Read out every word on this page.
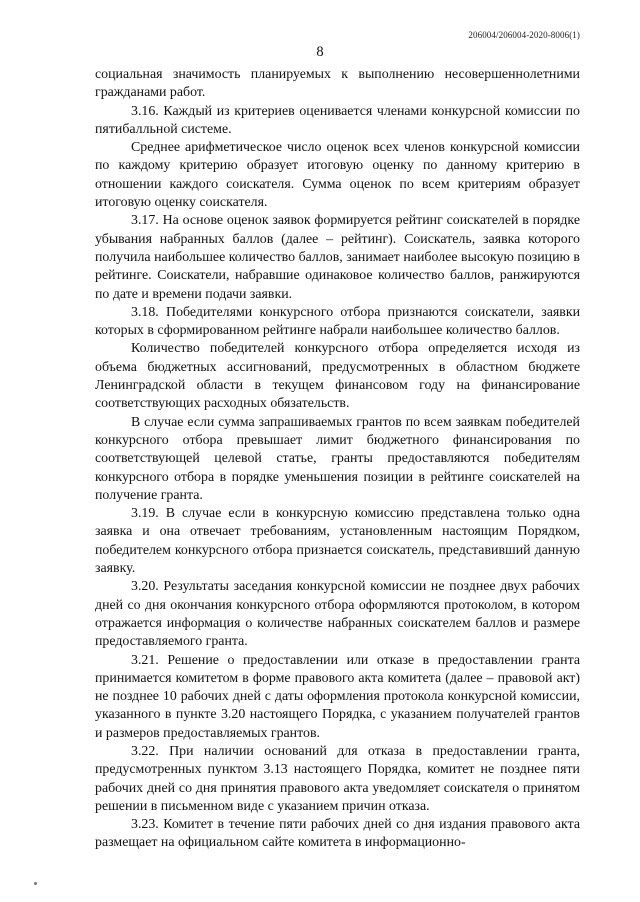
206004/206004-2020-8006(1)
8

социальная значимость планируемых к выполнению несовершеннолетними гражданами работ.

3.16. Каждый из критериев оценивается членами конкурсной комиссии по пятибалльной системе.

Среднее арифметическое число оценок всех членов конкурсной комиссии по каждому критерию образует итоговую оценку по данному критерию в отношении каждого соискателя. Сумма оценок по всем критериям образует итоговую оценку соискателя.

3.17. На основе оценок заявок формируется рейтинг соискателей в порядке убывания набранных баллов (далее – рейтинг). Соискатель, заявка которого получила наибольшее количество баллов, занимает наиболее высокую позицию в рейтинге. Соискатели, набравшие одинаковое количество баллов, ранжируются по дате и времени подачи заявки.

3.18. Победителями конкурсного отбора признаются соискатели, заявки которых в сформированном рейтинге набрали наибольшее количество баллов.

Количество победителей конкурсного отбора определяется исходя из объема бюджетных ассигнований, предусмотренных в областном бюджете Ленинградской области в текущем финансовом году на финансирование соответствующих расходных обязательств.

В случае если сумма запрашиваемых грантов по всем заявкам победителей конкурсного отбора превышает лимит бюджетного финансирования по соответствующей целевой статье, гранты предоставляются победителям конкурсного отбора в порядке уменьшения позиции в рейтинге соискателей на получение гранта.

3.19. В случае если в конкурсную комиссию представлена только одна заявка и она отвечает требованиям, установленным настоящим Порядком, победителем конкурсного отбора признается соискатель, представивший данную заявку.

3.20. Результаты заседания конкурсной комиссии не позднее двух рабочих дней со дня окончания конкурсного отбора оформляются протоколом, в котором отражается информация о количестве набранных соискателем баллов и размере предоставляемого гранта.

3.21. Решение о предоставлении или отказе в предоставлении гранта принимается комитетом в форме правового акта комитета (далее – правовой акт) не позднее 10 рабочих дней с даты оформления протокола конкурсной комиссии, указанного в пункте 3.20 настоящего Порядка, с указанием получателей грантов и размеров предоставляемых грантов.

3.22. При наличии оснований для отказа в предоставлении гранта, предусмотренных пунктом 3.13 настоящего Порядка, комитет не позднее пяти рабочих дней со дня принятия правового акта уведомляет соискателя о принятом решении в письменном виде с указанием причин отказа.

3.23. Комитет в течение пяти рабочих дней со дня издания правового акта размещает на официальном сайте комитета в информационно-
